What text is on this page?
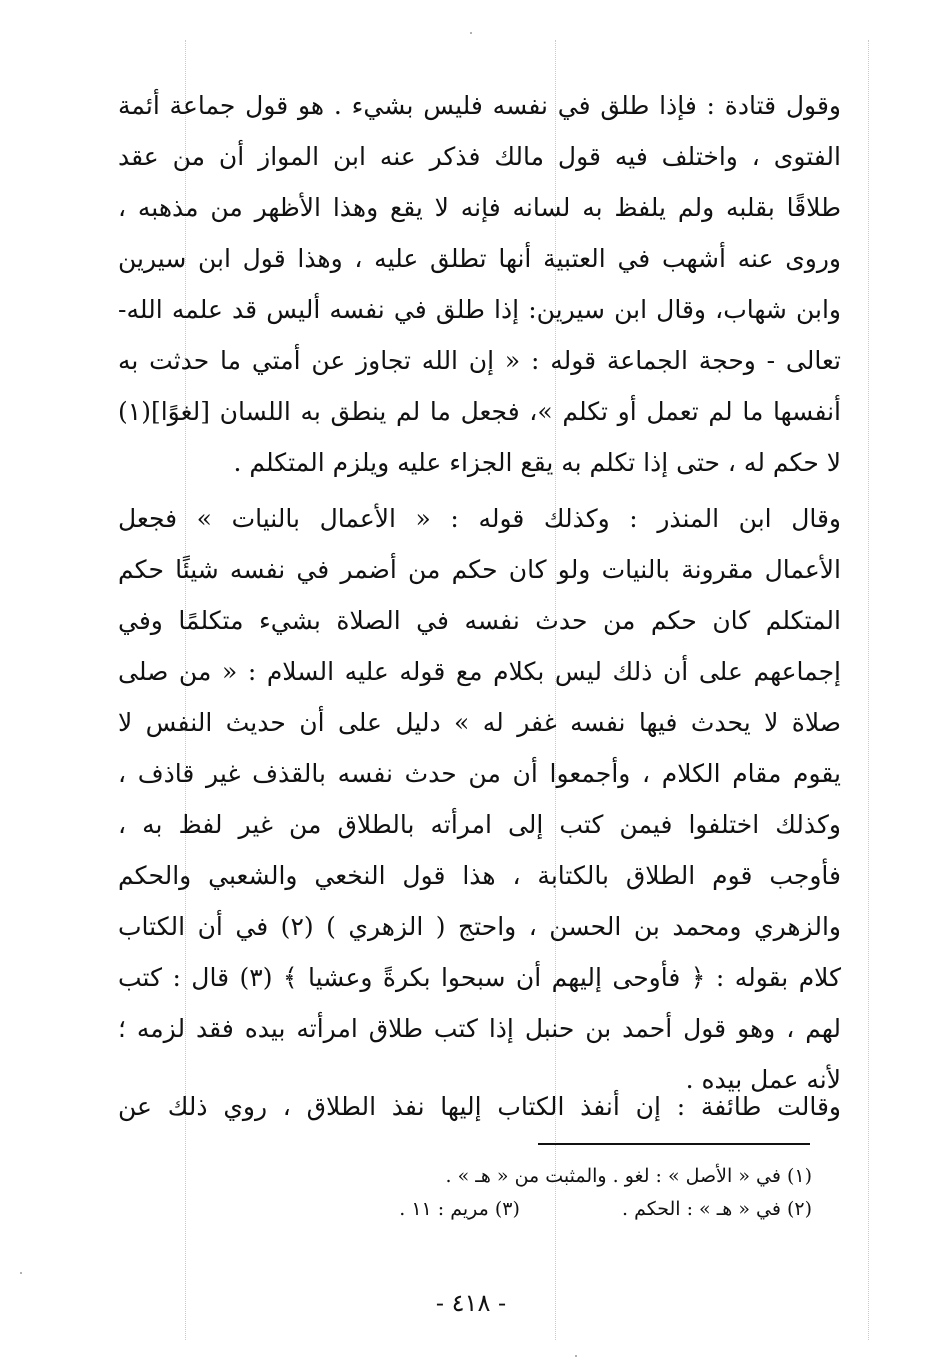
وقول قتادة : فإذا طلق في نفسه فليس بشيء . هو قول جماعة أئمة
الفتوى ، واختلف فيه قول مالك فذكر عنه ابن المواز أن من عقد
طلاقًا بقلبه ولم يلفظ به لسانه فإنه لا يقع وهذا الأظهر من مذهبه ،
وروى عنه أشهب في العتبية أنها تطلق عليه ، وهذا قول ابن سيرين
وابن شهاب، وقال ابن سيرين: إذا طلق في نفسه أليس قد علمه الله-
تعالى - وحجة الجماعة قوله : « إن الله تجاوز عن أمتي ما حدثت به
أنفسها ما لم تعمل أو تكلم »، فجعل ما لم ينطق به اللسان [لغوًا](١)
لا حكم له ، حتى إذا تكلم به يقع الجزاء عليه ويلزم المتكلم .
وقال ابن المنذر : وكذلك قوله : « الأعمال بالنيات » فجعل
الأعمال مقرونة بالنيات ولو كان حكم من أضمر في نفسه شيئًا حكم
المتكلم كان حكم من حدث نفسه في الصلاة بشيء متكلمًا وفي
إجماعهم على أن ذلك ليس بكلام مع قوله عليه السلام : « من صلى
صلاة لا يحدث فيها نفسه غفر له » دليل على أن حديث النفس لا
يقوم مقام الكلام ، وأجمعوا أن من حدث نفسه بالقذف غير قاذف ،
وكذلك اختلفوا فيمن كتب إلى امرأته بالطلاق من غير لفظ به ،
فأوجب قوم الطلاق بالكتابة ، هذا قول النخعي والشعبي والحكم
والزهري ومحمد بن الحسن ، واحتج ( الزهري ) (٢) في أن الكتاب
كلام بقوله : ﴿ فأوحى إليهم أن سبحوا بكرةً وعشيا ﴾ (٣) قال : كتب
لهم ، وهو قول أحمد بن حنبل إذا كتب طلاق امرأته بيده فقد لزمه ؛
لأنه عمل بيده .
وقالت طائفة : إن أنفذ الكتاب إليها نفذ الطلاق ، روي ذلك عن
(١) في « الأصل » : لغو . والمثبت من « هـ » .
(٢) في « هـ » : الحكم .  (٣) مريم : ١١ .
- ٤١٨ -
